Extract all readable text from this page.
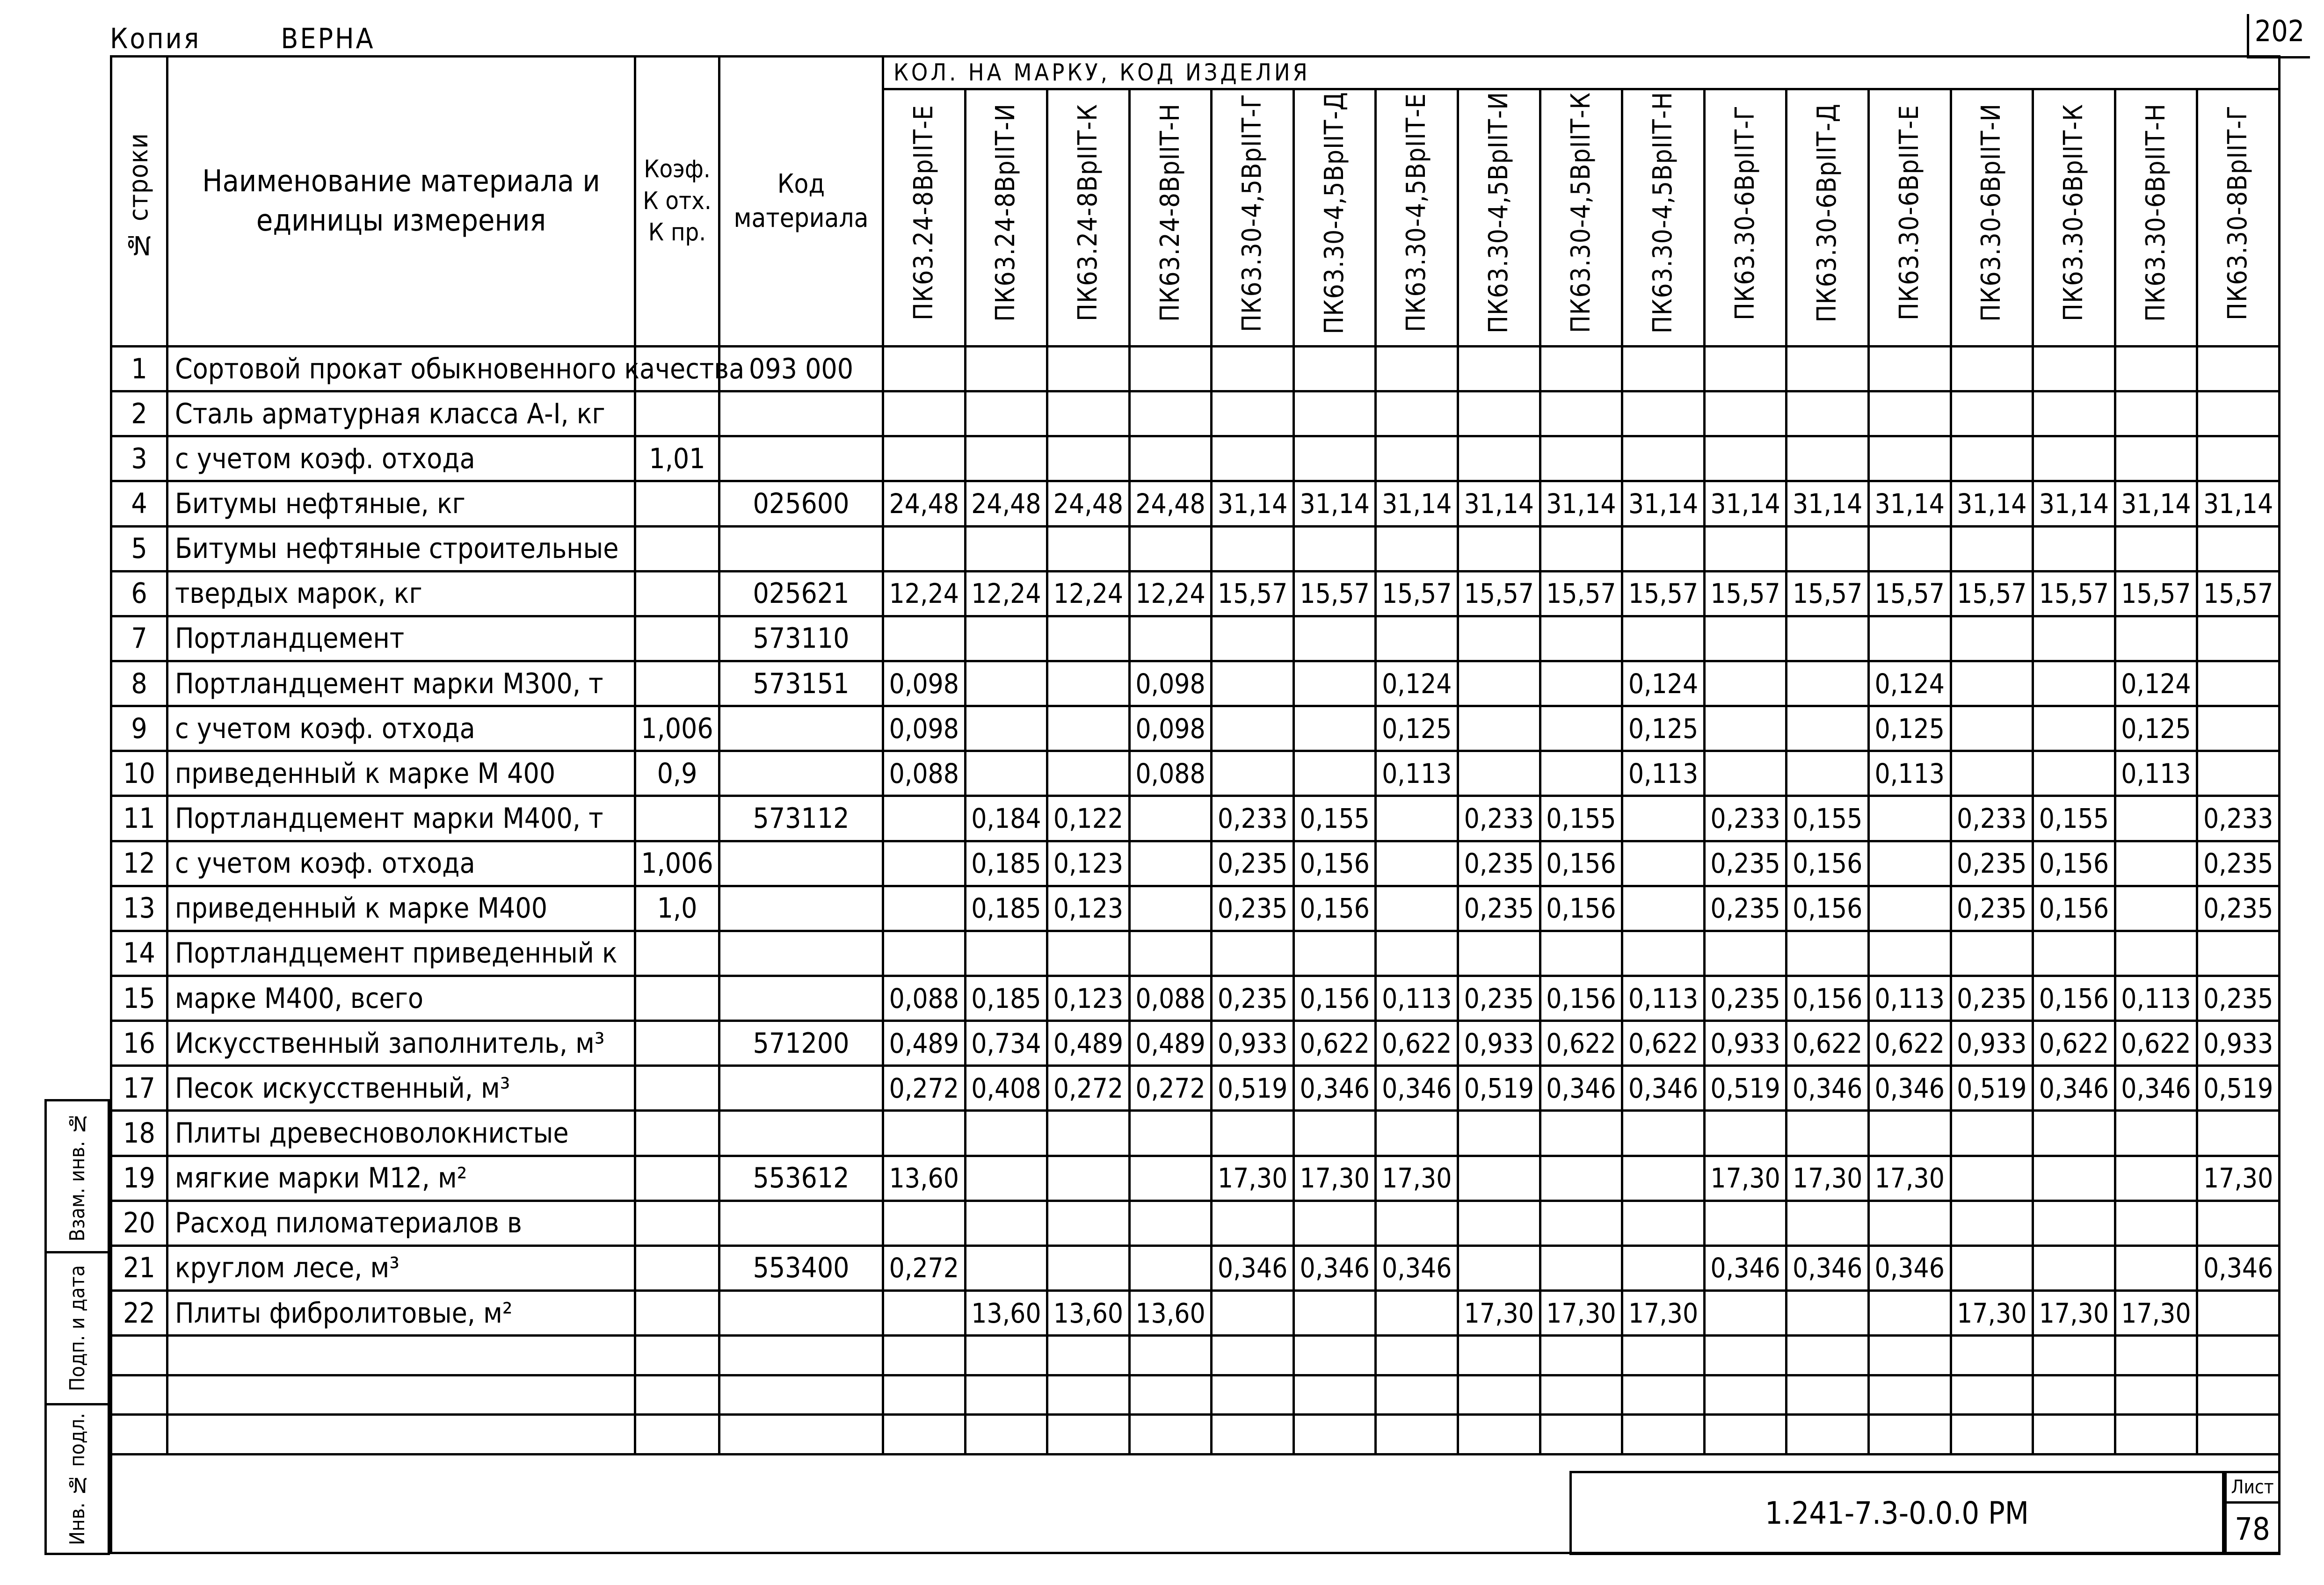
Копия	ВЕРНА	202
№ строки	Наименование материала и единицы измерения	Коэф. К отх. К пр.	Код материала	КОЛ. НА МАРКУ, КОД ИЗДЕЛИЯ																
				ПК63.24-8ВрIIТ-Е	ПК63.24-8ВрIIТ-И	ПК63.24-8ВрIIТ-К	ПК63.24-8ВрIIТ-Н	ПК63.30-4,5ВрIIТ-Г	ПК63.30-4,5ВрIIТ-Д	ПК63.30-4,5ВрIIТ-Е	ПК63.30-4,5ВрIIТ-И	ПК63.30-4,5ВрIIТ-К	ПК63.30-4,5ВрIIТ-Н	ПК63.30-6ВрIIТ-Г	ПК63.30-6ВрIIТ-Д	ПК63.30-6ВрIIТ-Е	ПК63.30-6ВрIIТ-И	ПК63.30-6ВрIIТ-К	ПК63.30-6ВрIIТ-Н	ПК63.30-8ВрIIТ-Г
1	Сортовой прокат обыкновенного качества		093 000																	
2	Сталь арматурная класса А-I, кг																			
3	с учетом коэф. отхода	1,01																		
4	Битумы нефтяные, кг		025600	24,48	24,48	24,48	24,48	31,14	31,14	31,14	31,14	31,14	31,14	31,14	31,14	31,14	31,14	31,14	31,14	31,14
5	Битумы нефтяные строительные																			
6	твердых марок, кг		025621	12,24	12,24	12,24	12,24	15,57	15,57	15,57	15,57	15,57	15,57	15,57	15,57	15,57	15,57	15,57	15,57	15,57
7	Портландцемент		573110																	
8	Портландцемент марки М300, т		573151	0,098			0,098			0,124			0,124			0,124			0,124	
9	с учетом коэф. отхода	1,006		0,098			0,098			0,125			0,125			0,125			0,125	
10	приведенный к марке М 400	0,9		0,088			0,088			0,113			0,113			0,113			0,113	
11	Портландцемент марки М400, т		573112		0,184	0,122		0,233	0,155		0,233	0,155		0,233	0,155		0,233	0,155		0,233
12	с учетом коэф. отхода	1,006			0,185	0,123		0,235	0,156		0,235	0,156		0,235	0,156		0,235	0,156		0,235
13	приведенный к марке М400	1,0			0,185	0,123		0,235	0,156		0,235	0,156		0,235	0,156		0,235	0,156		0,235
14	Портландцемент приведенный к																			
15	марке М400, всего			0,088	0,185	0,123	0,088	0,235	0,156	0,113	0,235	0,156	0,113	0,235	0,156	0,113	0,235	0,156	0,113	0,235
16	Искусственный заполнитель, м³		571200	0,489	0,734	0,489	0,489	0,933	0,622	0,622	0,933	0,622	0,622	0,933	0,622	0,622	0,933	0,622	0,622	0,933
17	Песок искусственный, м³			0,272	0,408	0,272	0,272	0,519	0,346	0,346	0,519	0,346	0,346	0,519	0,346	0,346	0,519	0,346	0,346	0,519
18	Плиты древесноволокнистые																			
19	мягкие марки М12, м²		553612	13,60				17,30	17,30	17,30				17,30	17,30	17,30				17,30
20	Расход пиломатериалов в																			
21	круглом лесе, м³		553400	0,272				0,346	0,346	0,346				0,346	0,346	0,346				0,346
22	Плиты фибролитовые, м²				13,60	13,60	13,60				17,30	17,30	17,30				17,30	17,30	17,30	

Взам. инв. №
Подп. и дата
Инв. № подл.	1.241-7.3-0.0.0 РМ
Лист
78
